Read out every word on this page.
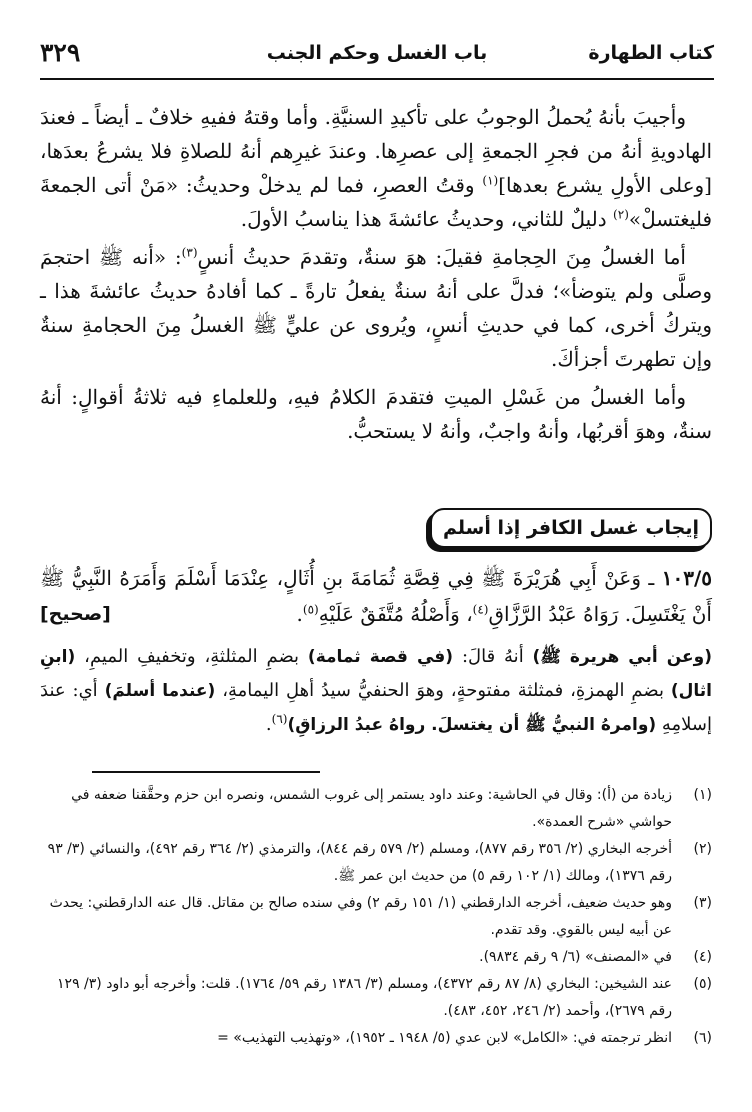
كتاب الطهارة
باب الغسل وحكم الجنب
٣٢٩

وأجيبَ بأنهُ يُحملُ الوجوبُ على تأكيدِ السنيَّةِ. وأما وقتهُ ففيهِ خلافٌ ـ أيضاً ـ فعندَ الهادويةِ أنهُ من فجرِ الجمعةِ إلى عصرِها. وعندَ غيرِهم أنهُ للصلاةِ فلا يشرعُ بعدَها، [وعلى الأولِ يشرع بعدها]$^{(١)}$ وقتُ العصرِ، فما لم يدخلْ وحديثُ: «مَنْ أتى الجمعةَ فليغتسلْ»$^{(٢)}$ دليلٌ للثاني، وحديثُ عائشةَ هذا يناسبُ الأولَ.

أما الغسلُ مِنَ الحِجامةِ فقيلَ: هوَ سنةٌ، وتقدمَ حديثُ أنسٍ$^{(٣)}$: «أنه ﷺ احتجمَ وصلَّى ولم يتوضأ»؛ فدلَّ على أنهُ سنةٌ يفعلُ تارةً ـ كما أفادهُ حديثُ عائشةَ هذا ـ ويتركُ أخرى، كما في حديثِ أنسٍ، ويُروى عن عليٍّ ﷺ الغسلُ مِنَ الحجامةِ سنةٌ وإن تطهرتَ أجزأكَ.

وأما الغسلُ من غَسْلِ الميتِ فتقدمَ الكلامُ فيهِ، وللعلماءِ فيه ثلاثةُ أقوالٍ: أنهُ سنةٌ، وهوَ أقربُها، وأنهُ واجبٌ، وأنهُ لا يستحبُّ.

إيجاب غسل الكافر إذا أسلم
١٠٣/٥ ـ وَعَنْ أَبِي هُرَيْرَةَ ﷺ فِي قِصَّةِ ثُمَامَةَ بنِ أُثَالٍ، عِنْدَمَا أَسْلَمَ وَأَمَرَهُ النَّبِيُّ ﷺ أَنْ يَغْتَسِلَ. رَوَاهُ عَبْدُ الرَّزَّاقِ$^{(٤)}$، وَأَصْلُهُ مُتَّفَقٌ عَلَيْهِ$^{(٥)}$.
[صحيح]

(وعن أبي هريرة ﷺ) أنهُ قالَ: (في قصة ثمامة) بضمِ المثلثةِ، وتخفيفِ الميمِ، (ابنِ اثال) بضمِ الهمزةِ، فمثلثة مفتوحةٍ، وهوَ الحنفيُّ سيدُ أهلِ اليمامةِ، (عندما أسلمَ) أي: عندَ إسلامِهِ (وامرهُ النبيُّ ﷺ أن يغتسلَ. رواهُ عبدُ الرزاقِ)$^{(٦)}$.

(١)
زيادة من (أ): وقال في الحاشية: وعند داود يستمر إلى غروب الشمس، ونصره ابن حزم وحقَّقنا ضعفه في حواشي «شرح العمدة».
(٢)
أخرجه البخاري (٢/ ٣٥٦ رقم ٨٧٧)، ومسلم (٢/ ٥٧٩ رقم ٨٤٤)، والترمذي (٢/ ٣٦٤ رقم ٤٩٢)، والنسائي (٣/ ٩٣ رقم ١٣٧٦)، ومالك (١/ ١٠٢ رقم ٥) من حديث ابن عمر ﷺ.
(٣)
وهو حديث ضعيف، أخرجه الدارقطني (١/ ١٥١ رقم ٢) وفي سنده صالح بن مقاتل. قال عنه الدارقطني: يحدث عن أبيه ليس بالقوي. وقد تقدم.
(٤)
في «المصنف» (٦/ ٩ رقم ٩٨٣٤).
(٥)
عند الشيخين: البخاري (٨/ ٨٧ رقم ٤٣٧٢)، ومسلم (٣/ ١٣٨٦ رقم ٥٩/ ١٧٦٤). قلت: وأخرجه أبو داود (٣/ ١٢٩ رقم ٢٦٧٩)، وأحمد (٢/ ٢٤٦، ٤٥٢، ٤٨٣).
(٦)
انظر ترجمته في: «الكامل» لابن عدي (٥/ ١٩٤٨ ـ ١٩٥٢)، «وتهذيب التهذيب» =
